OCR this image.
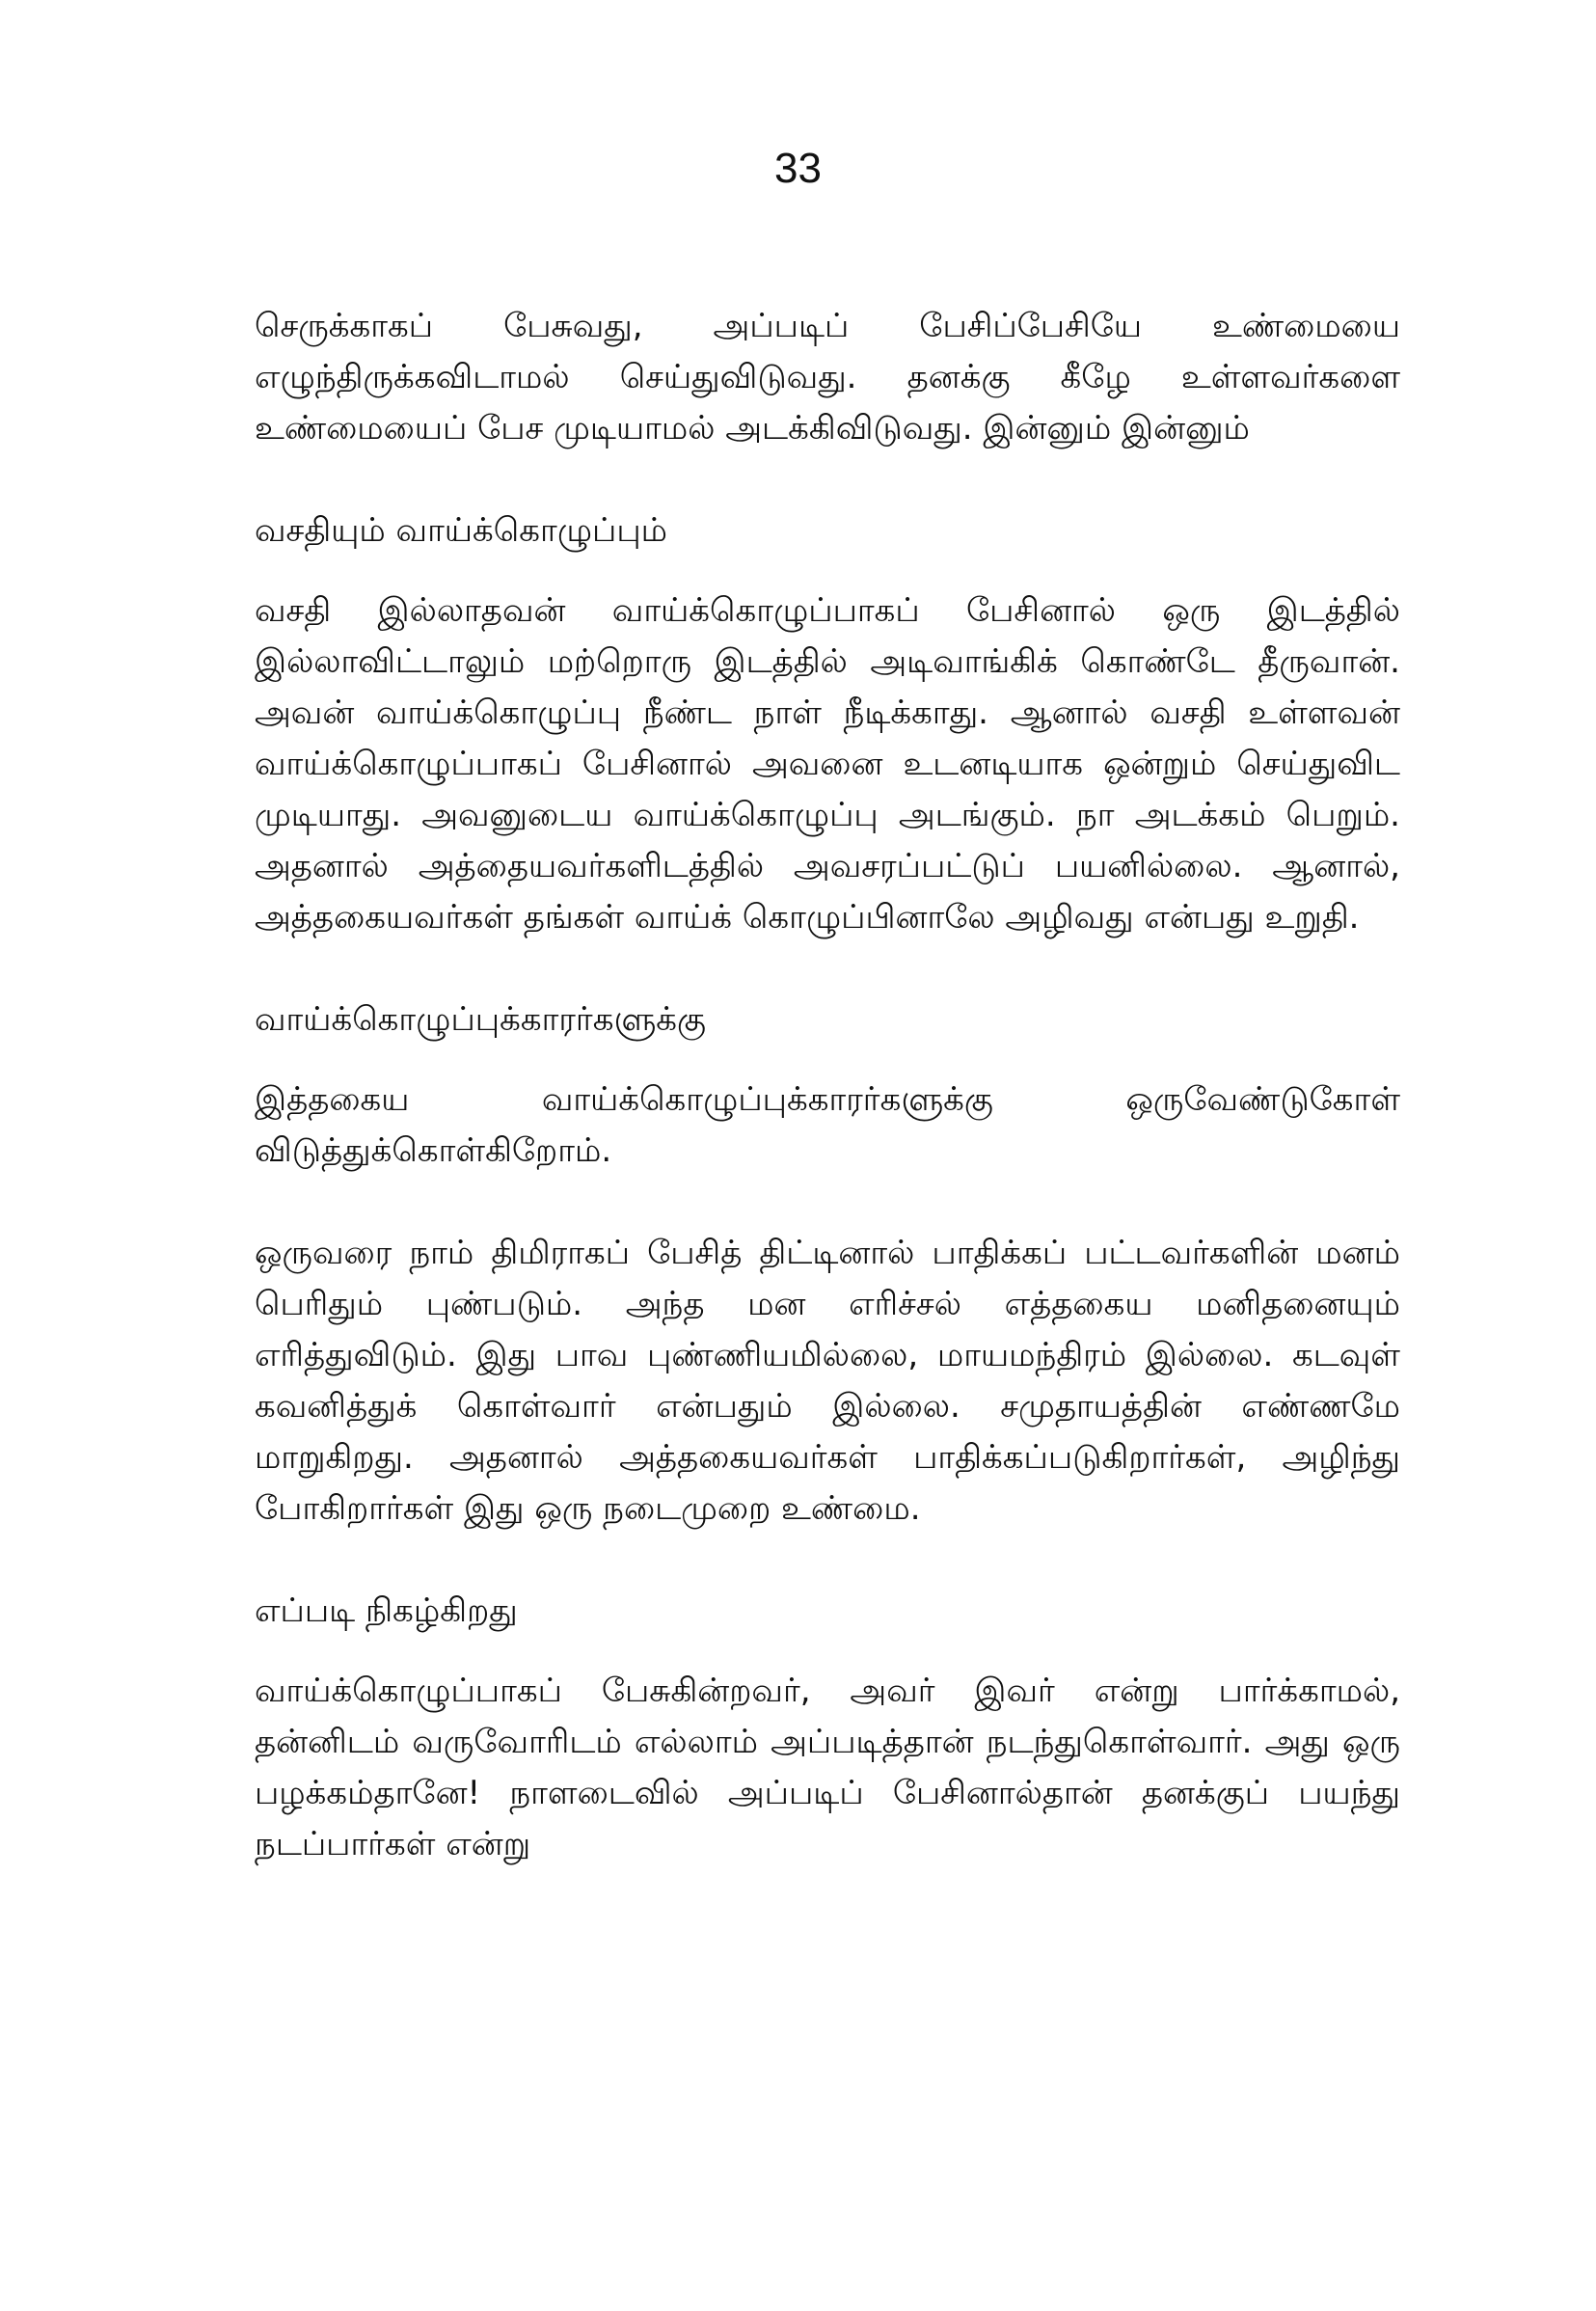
33

செருக்காகப் பேசுவது, அப்படிப் பேசிப்பேசியே உண்மையை எழுந்திருக்கவிடாமல் செய்துவிடுவது. தனக்கு கீழே உள்ளவர்களை உண்மையைப் பேச முடியாமல் அடக்கிவிடுவது. இன்னும் இன்னும்

வசதியும் வாய்க்கொழுப்பும்

வசதி இல்லாதவன் வாய்க்கொழுப்பாகப் பேசினால் ஒரு இடத்தில் இல்லாவிட்டாலும் மற்றொரு இடத்தில் அடிவாங்கிக் கொண்டே தீருவான். அவன் வாய்க்கொழுப்பு நீண்ட நாள் நீடிக்காது. ஆனால் வசதி உள்ளவன் வாய்க்கொழுப்பாகப் பேசினால் அவனை உடனடியாக ஒன்றும் செய்துவிட முடியாது. அவனுடைய வாய்க்கொழுப்பு அடங்கும். நா அடக்கம் பெறும். அதனால் அத்தையவர்களிடத்தில் அவசரப்பட்டுப் பயனில்லை. ஆனால், அத்தகையவர்கள் தங்கள் வாய்க் கொழுப்பினாலே அழிவது என்பது உறுதி.

வாய்க்கொழுப்புக்காரர்களுக்கு

இத்தகைய வாய்க்கொழுப்புக்காரர்களுக்கு ஒருவேண்டுகோள் விடுத்துக்கொள்கிறோம்.

ஒருவரை நாம் திமிராகப் பேசித் திட்டினால் பாதிக்கப் பட்டவர்களின் மனம் பெரிதும் புண்படும். அந்த மன எரிச்சல் எத்தகைய மனிதனையும் எரித்துவிடும். இது பாவ புண்ணியமில்லை, மாயமந்திரம் இல்லை. கடவுள் கவனித்துக் கொள்வார் என்பதும் இல்லை. சமுதாயத்தின் எண்ணமே மாறுகிறது. அதனால் அத்தகையவர்கள் பாதிக்கப்படுகிறார்கள், அழிந்து போகிறார்கள் இது ஒரு நடைமுறை உண்மை.

எப்படி நிகழ்கிறது

வாய்க்கொழுப்பாகப் பேசுகின்றவர், அவர் இவர் என்று பார்க்காமல், தன்னிடம் வருவோரிடம் எல்லாம் அப்படித்தான் நடந்துகொள்வார். அது ஒரு பழக்கம்தானே! நாளடைவில் அப்படிப் பேசினால்தான் தனக்குப் பயந்து நடப்பார்கள் என்று
